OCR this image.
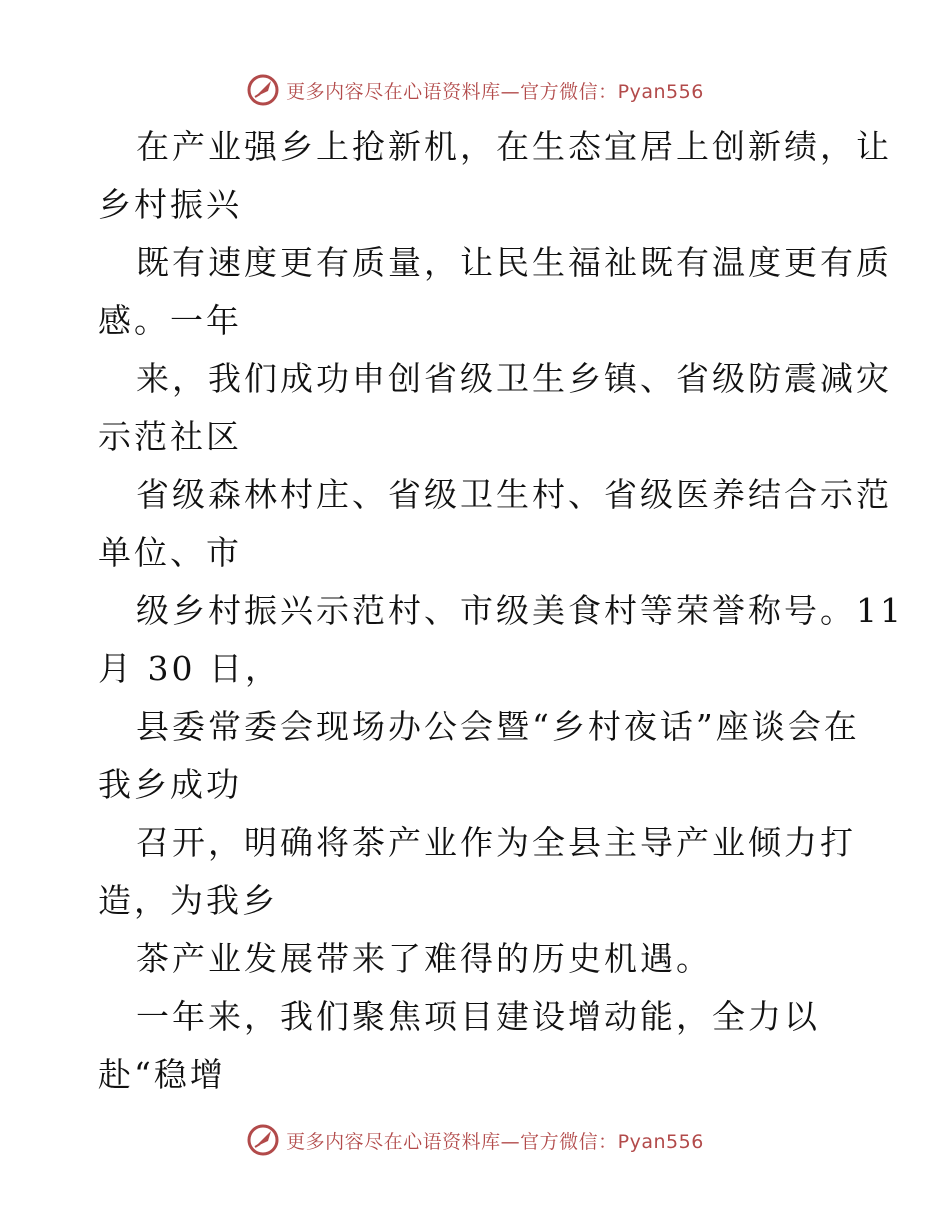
更多内容尽在心语资料库—官方微信：Pyan556
在产业强乡上抢新机，在生态宜居上创新绩，让
乡村振兴
既有速度更有质量，让民生福祉既有温度更有质
感。一年
来，我们成功申创省级卫生乡镇、省级防震减灾
示范社区
省级森林村庄、省级卫生村、省级医养结合示范
单位、市
级乡村振兴示范村、市级美食村等荣誉称号。11
月 30 日，
县委常委会现场办公会暨“乡村夜话”座谈会在
我乡成功
召开，明确将茶产业作为全县主导产业倾力打
造，为我乡
茶产业发展带来了难得的历史机遇。
一年来，我们聚焦项目建设增动能，全力以
赴“稳增
更多内容尽在心语资料库—官方微信：Pyan556
